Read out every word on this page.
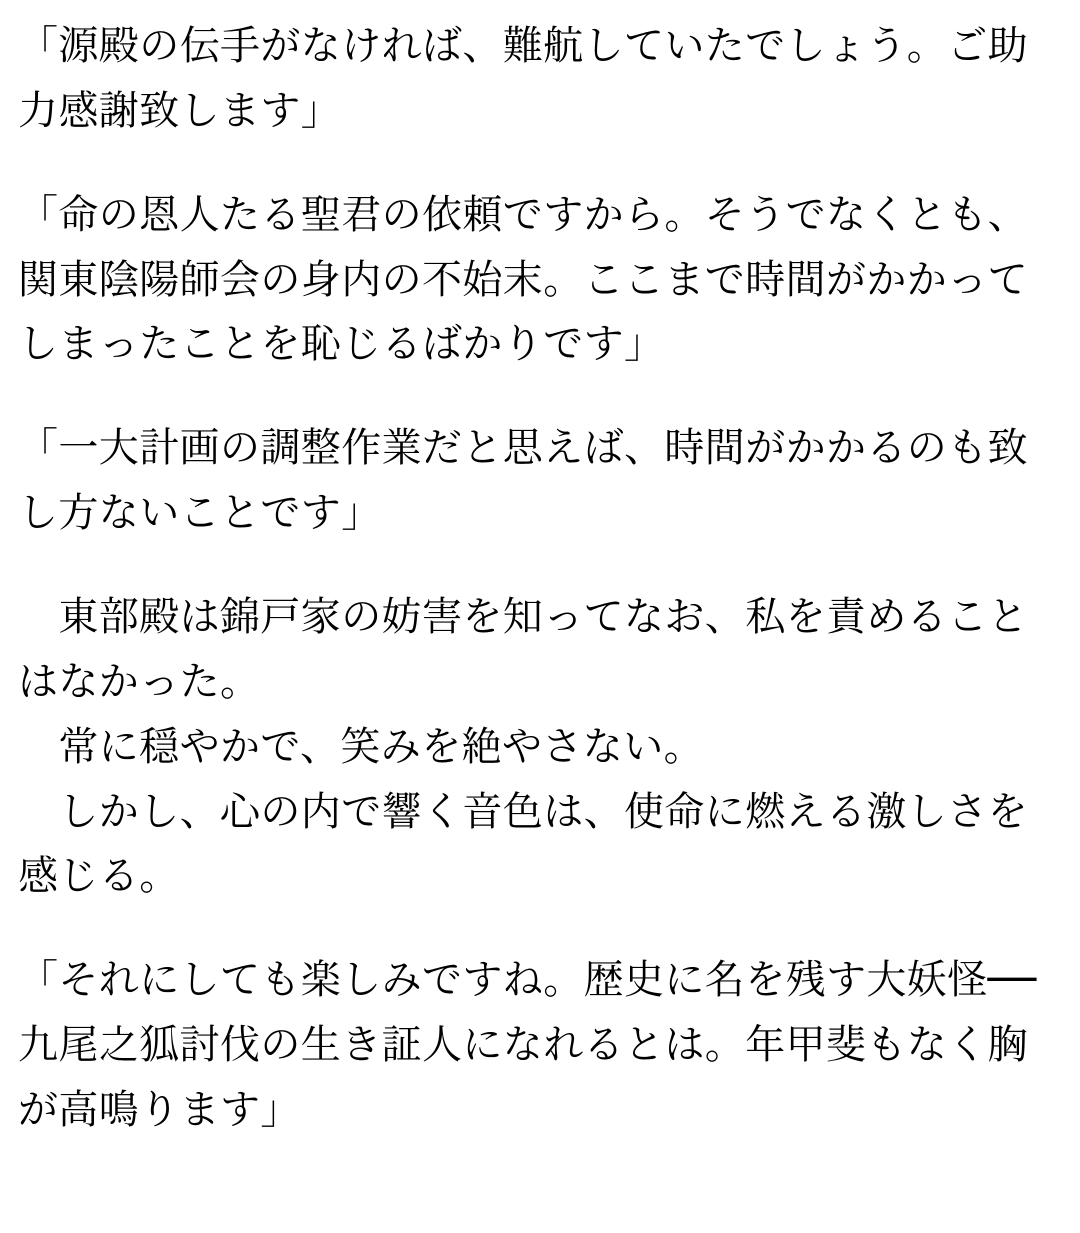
「源殿の伝手がなければ、難航していたでしょう。ご助力感謝致します」

「命の恩人たる聖君の依頼ですから。そうでなくとも、関東陰陽師会の身内の不始末。ここまで時間がかかってしまったことを恥じるばかりです」

「一大計画の調整作業だと思えば、時間がかかるのも致し方ないことです」

　東部殿は錦戸家の妨害を知ってなお、私を責めることはなかった。

　常に穏やかで、笑みを絶やさない。

　しかし、心の内で響く音色は、使命に燃える激しさを感じる。

「それにしても楽しみですね。歴史に名を残す大妖怪──九尾之狐討伐の生き証人になれるとは。年甲斐もなく胸が高鳴ります」
